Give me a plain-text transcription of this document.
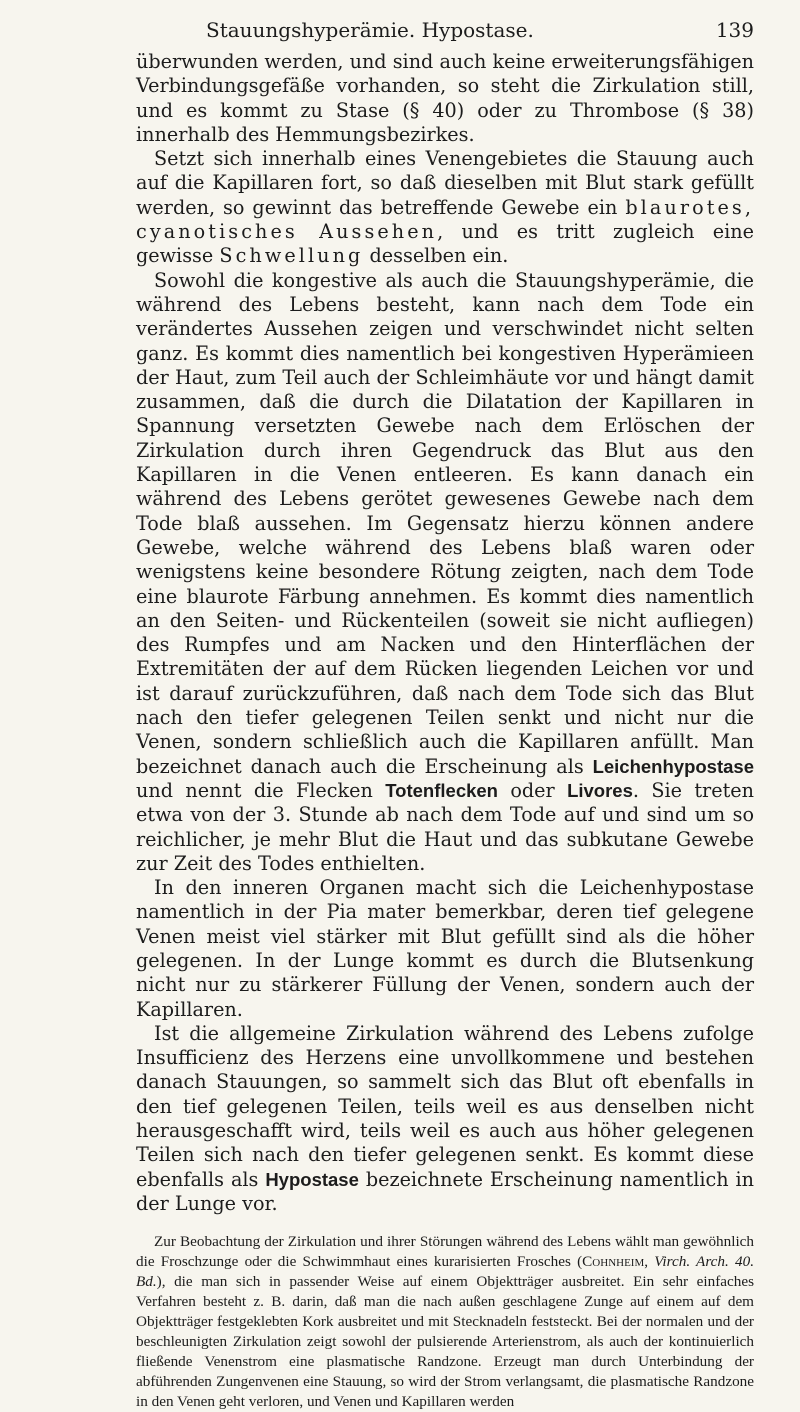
Stauungshyperämie. Hypostase.	139

überwunden werden, und sind auch keine erweiterungsfähigen Verbindungsgefäße vorhanden, so steht die Zirkulation still, und es kommt zu Stase (§ 40) oder zu Thrombose (§ 38) innerhalb des Hemmungsbezirkes.

Setzt sich innerhalb eines Venengebietes die Stauung auch auf die Kapillaren fort, so daß dieselben mit Blut stark gefüllt werden, so gewinnt das betreffende Gewebe ein blaurotes, cyanotisches Aussehen, und es tritt zugleich eine gewisse Schwellung desselben ein.

Sowohl die kongestive als auch die Stauungshyperämie, die während des Lebens besteht, kann nach dem Tode ein verändertes Aussehen zeigen und verschwindet nicht selten ganz. Es kommt dies namentlich bei kongestiven Hyperämieen der Haut, zum Teil auch der Schleimhäute vor und hängt damit zusammen, daß die durch die Dilatation der Kapillaren in Spannung versetzten Gewebe nach dem Erlöschen der Zirkulation durch ihren Gegendruck das Blut aus den Kapillaren in die Venen entleeren. Es kann danach ein während des Lebens gerötet gewesenes Gewebe nach dem Tode blaß aussehen. Im Gegensatz hierzu können andere Gewebe, welche während des Lebens blaß waren oder wenigstens keine besondere Rötung zeigten, nach dem Tode eine blaurote Färbung annehmen. Es kommt dies namentlich an den Seiten- und Rückenteilen (soweit sie nicht aufliegen) des Rumpfes und am Nacken und den Hinterflächen der Extremitäten der auf dem Rücken liegenden Leichen vor und ist darauf zurückzuführen, daß nach dem Tode sich das Blut nach den tiefer gelegenen Teilen senkt und nicht nur die Venen, sondern schließlich auch die Kapillaren anfüllt. Man bezeichnet danach auch die Erscheinung als Leichenhypostase und nennt die Flecken Totenflecken oder Livores. Sie treten etwa von der 3. Stunde ab nach dem Tode auf und sind um so reichlicher, je mehr Blut die Haut und das subkutane Gewebe zur Zeit des Todes enthielten.

In den inneren Organen macht sich die Leichenhypostase namentlich in der Pia mater bemerkbar, deren tief gelegene Venen meist viel stärker mit Blut gefüllt sind als die höher gelegenen. In der Lunge kommt es durch die Blutsenkung nicht nur zu stärkerer Füllung der Venen, sondern auch der Kapillaren.

Ist die allgemeine Zirkulation während des Lebens zufolge Insufficienz des Herzens eine unvollkommene und bestehen danach Stauungen, so sammelt sich das Blut oft ebenfalls in den tief gelegenen Teilen, teils weil es aus denselben nicht herausgeschafft wird, teils weil es auch aus höher gelegenen Teilen sich nach den tiefer gelegenen senkt. Es kommt diese ebenfalls als Hypostase bezeichnete Erscheinung namentlich in der Lunge vor.

Zur Beobachtung der Zirkulation und ihrer Störungen während des Lebens wählt man gewöhnlich die Froschzunge oder die Schwimmhaut eines kurarisierten Frosches (Cohnheim, Virch. Arch. 40. Bd.), die man sich in passender Weise auf einem Objektträger ausbreitet. Ein sehr einfaches Verfahren besteht z. B. darin, daß man die nach außen geschlagene Zunge auf einem auf dem Objektträger festgeklebten Kork ausbreitet und mit Stecknadeln feststeckt. Bei der normalen und der beschleunigten Zirkulation zeigt sowohl der pulsierende Arterienstrom, als auch der kontinuierlich fließende Venenstrom eine plasmatische Randzone. Erzeugt man durch Unterbindung der abführenden Zungenvenen eine Stauung, so wird der Strom verlangsamt, die plasmatische Randzone in den Venen geht verloren, und Venen und Kapillaren werden
